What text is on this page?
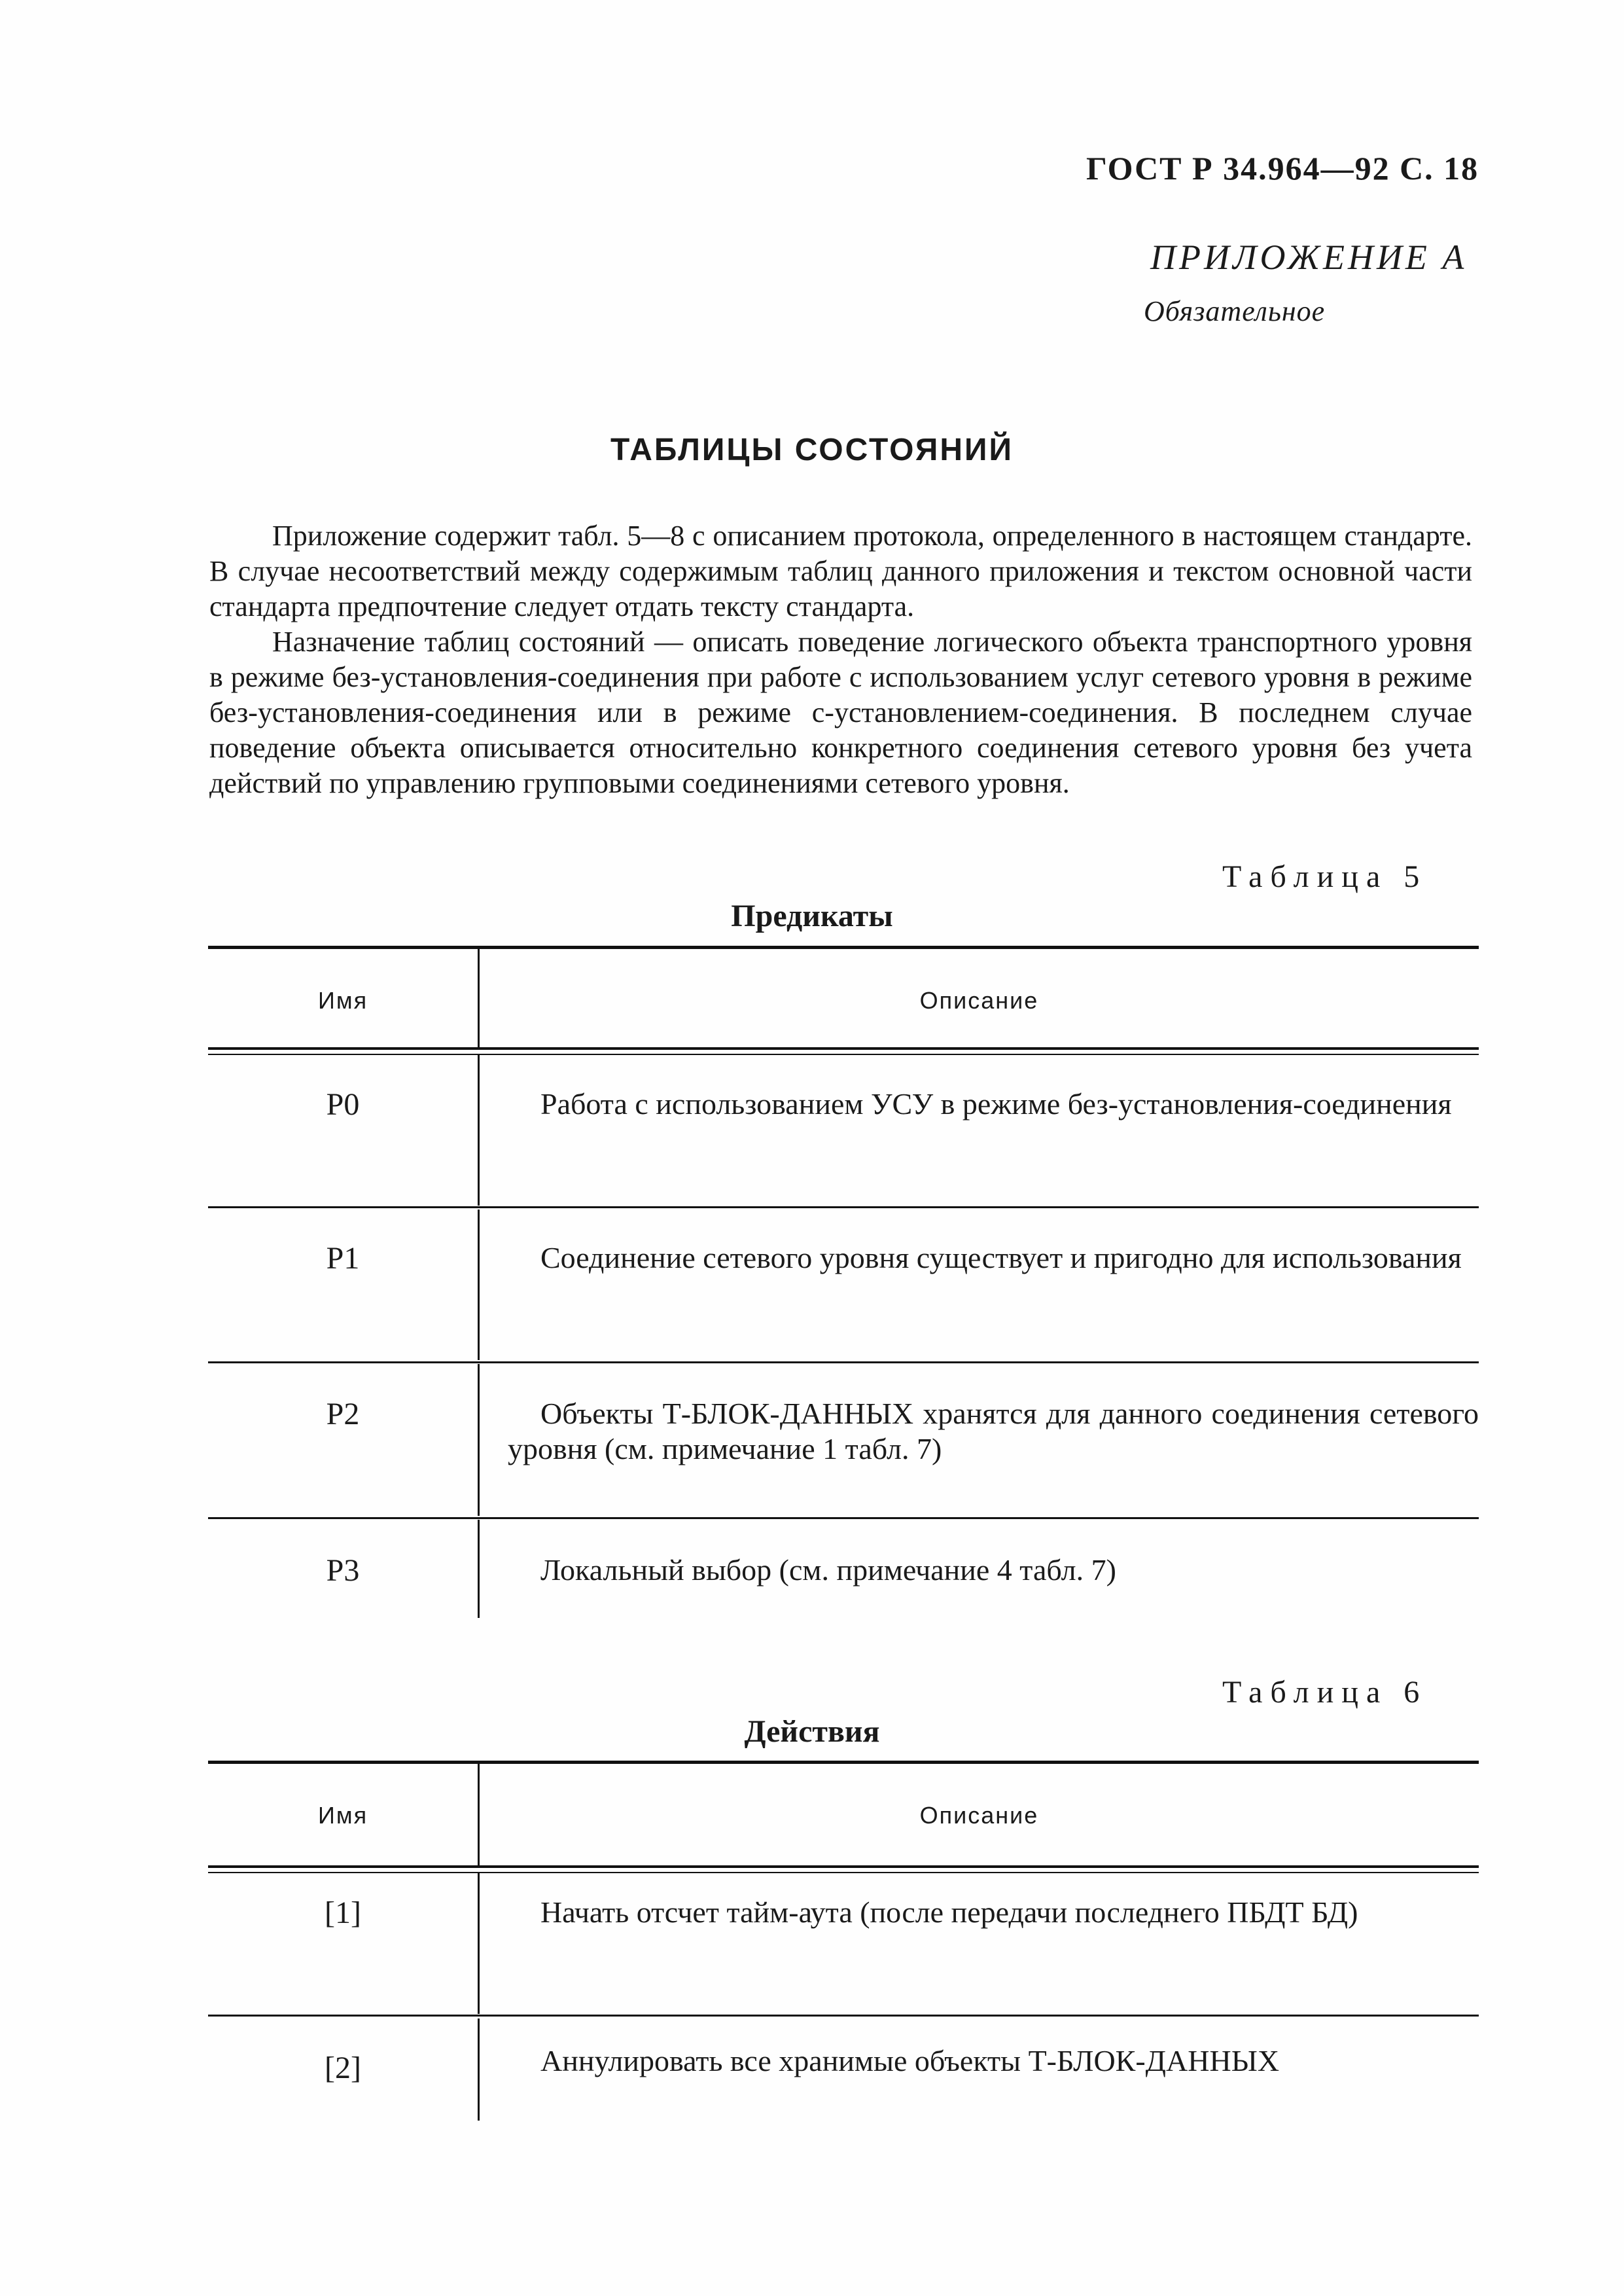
ГОСТ Р 34.964—92 С. 18
ПРИЛОЖЕНИЕ А
Обязательное
ТАБЛИЦЫ СОСТОЯНИЙ

Приложение содержит табл. 5—8 с описанием протокола, определенного в настоящем стандарте. В случае несоответствий между содержимым таблиц данного приложения и текстом основной части стандарта предпочтение следует отдать тексту стандарта.

Назначение таблиц состояний — описать поведение логического объекта транспортного уровня в режиме без-установления-соединения при работе с использованием услуг сетевого уровня в режиме без-установления-соединения или в режиме с-установлением-соединения. В последнем случае поведение объекта описывается относительно конкретного соединения сетевого уровня без учета действий по управлению групповыми соединениями сетевого уровня.

Таблица 5
Предикаты
Имя	Описание
P0	Работа с использованием УСУ в режиме без-установления-соединения

P1	Соединение сетевого уровня существует и пригодно для использования

P2	Объекты Т-БЛОК-ДАННЫХ хранятся для данного соединения сетевого уровня (см. примечание 1 табл. 7)

P3	Локальный выбор (см. примечание 4 табл. 7)

Таблица 6
Действия
Имя	Описание
[1]	Начать отсчет тайм-аута (после передачи последнего ПБДТ БД)

[2]	Аннулировать все хранимые объекты Т-БЛОК-ДАННЫХ
